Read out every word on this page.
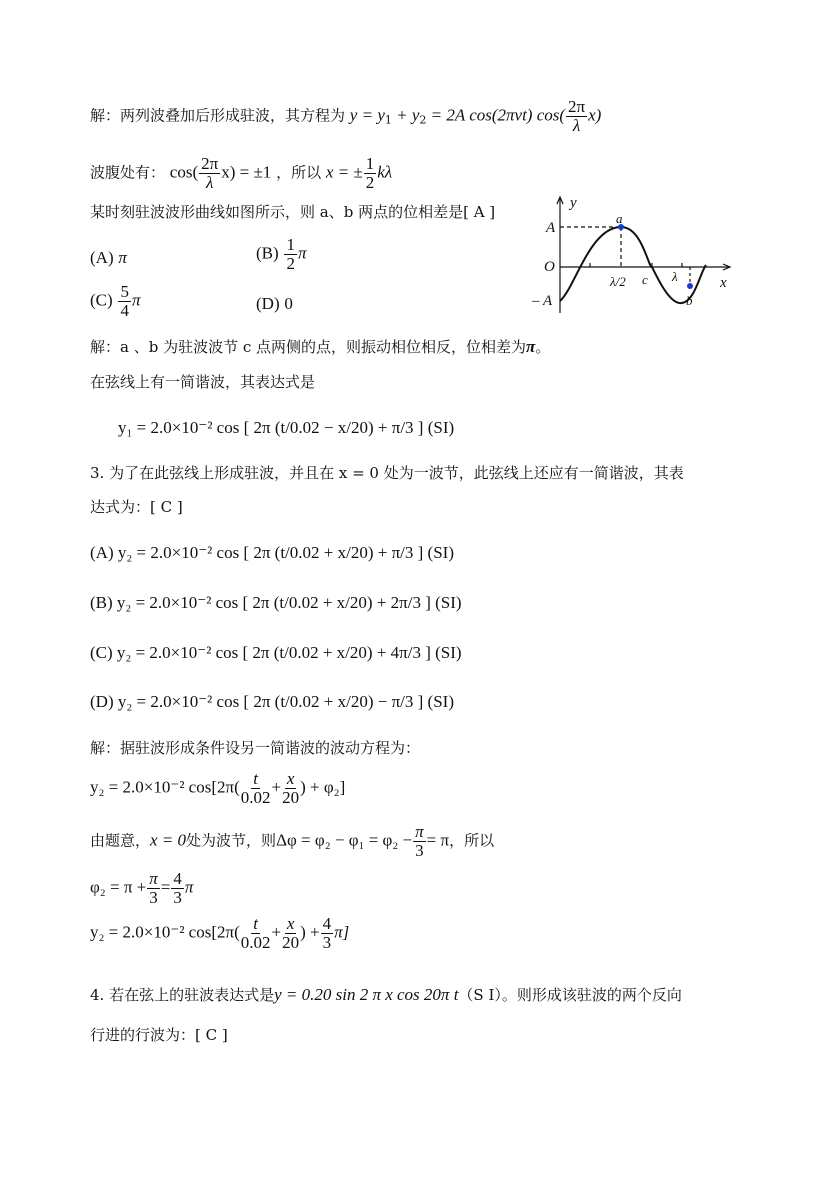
解：两列波叠加后形成驻波，其方程为 $y = y_1 + y_2 = 2A$ cos(2πνt) $\cos( \frac{2\pi}{\lambda} x)$
波腹处有： $\cos( \frac{2\pi}{\lambda} x) = \pm 1$ ，所以 x = ± $\frac{1}{2}$ kλ
某时刻驻波波形曲线如图所示，则 a、b 两点的位相差是[ A ]
(A) π	$(B) \frac{1}{2}$ π
$(C) \frac{5}{4}$ π	(D) 0
y
x
A
– A
O
a
b
c
λ/2	λ
解：a 、b 为驻波波节 c 点两侧的点，则振动相位相反，位相差为π。
在弦线上有一简谐波，其表达式是
y₁ = 2.0×10⁻² cos [ 2π (t/0.02 − x/20) + π/3 ] (SI)
3. 为了在此弦线上形成驻波，并且在 x = 0 处为一波节，此弦线上还应有一简谐波，其表
达式为：[ C ]
(A) y₂ = 2.0×10⁻² cos [ 2π (t/0.02 + x/20) + π/3 ] (SI)
(B) y₂ = 2.0×10⁻² cos [ 2π (t/0.02 + x/20) + 2π/3 ] (SI)
(C) y₂ = 2.0×10⁻² cos [ 2π (t/0.02 + x/20) + 4π/3 ] (SI)
(D) y₂ = 2.0×10⁻² cos [ 2π (t/0.02 + x/20) − π/3 ] (SI)
解：据驻波形成条件设另一简谐波的波动方程为：
y₂ = 2.0×10⁻² $\cos[2\pi( \frac{t}{0.02} + \frac{x}{20}$ ) + φ₂]
由题意，x = 0处为波节，则$\Delta\varphi = \varphi_2 - \varphi_1 = \varphi_2 - \frac{\pi}{3} = \pi$，所以
$\varphi_2 = \pi + \frac{\pi}{3} = \frac{4}{3}$ π
y₂ = 2.0×10⁻² $\cos[2\pi( \frac{t}{0.02} + \frac{x}{20}$ ) + $\frac{4}{3} \pi$]
4. 若在弦上的驻波表达式是y = 0.20 sin 2 π x cos 20π t（S I）。则形成该驻波的两个反向
行进的行波为：[ C ]
